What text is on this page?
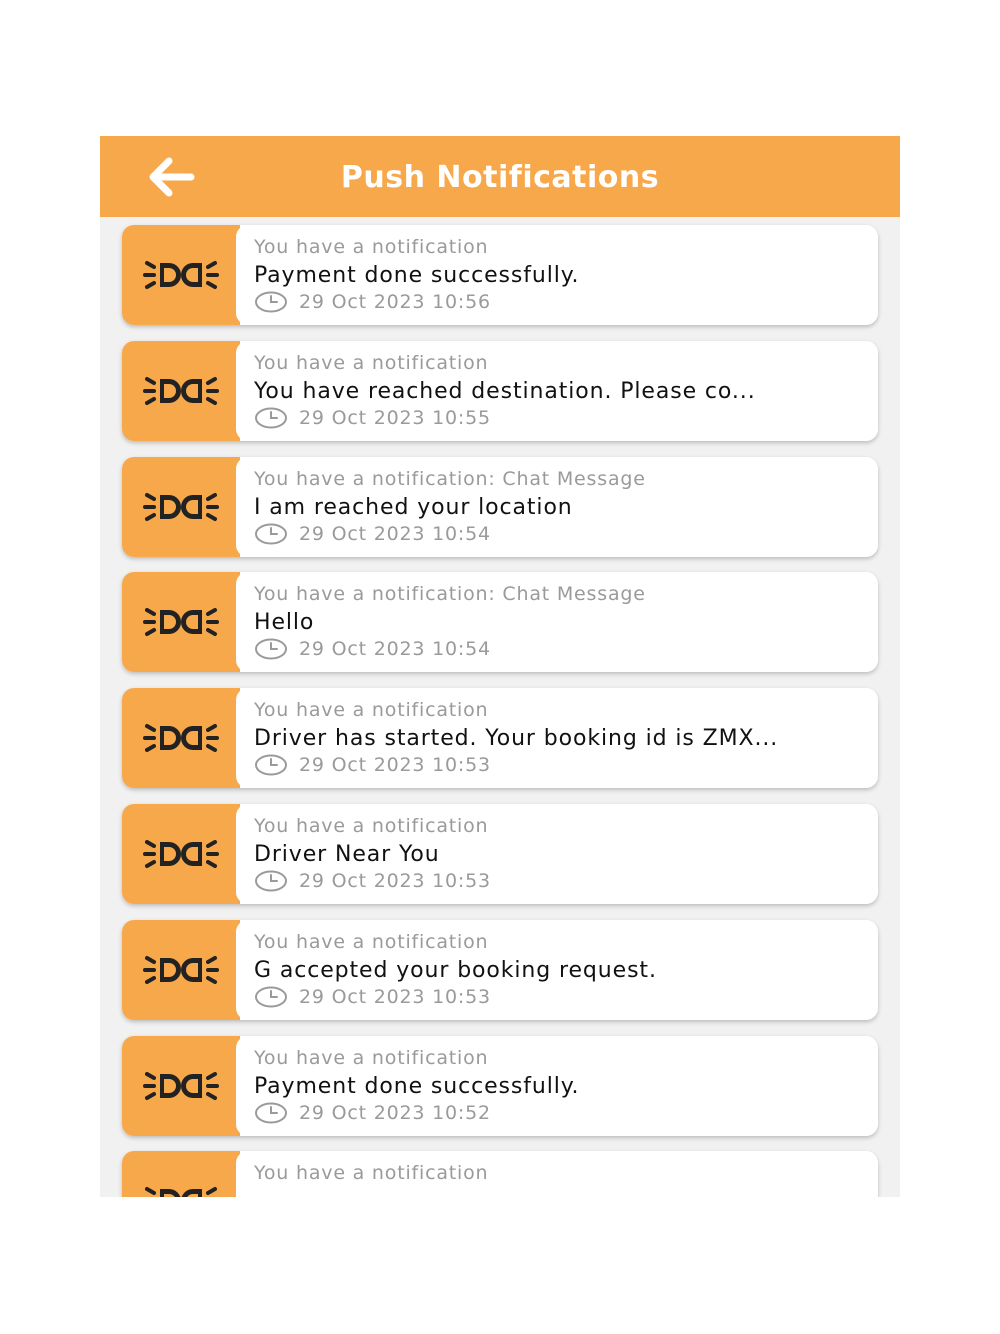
Push Notifications
You have a notification
Payment done successfully.
29 Oct 2023 10:56
You have a notification
You have reached destination. Please co...
29 Oct 2023 10:55
You have a notification: Chat Message
I am reached your location
29 Oct 2023 10:54
You have a notification: Chat Message
Hello
29 Oct 2023 10:54
You have a notification
Driver has started. Your booking id is ZMX...
29 Oct 2023 10:53
You have a notification
Driver Near You
29 Oct 2023 10:53
You have a notification
G accepted your booking request.
29 Oct 2023 10:53
You have a notification
Payment done successfully.
29 Oct 2023 10:52
You have a notification
